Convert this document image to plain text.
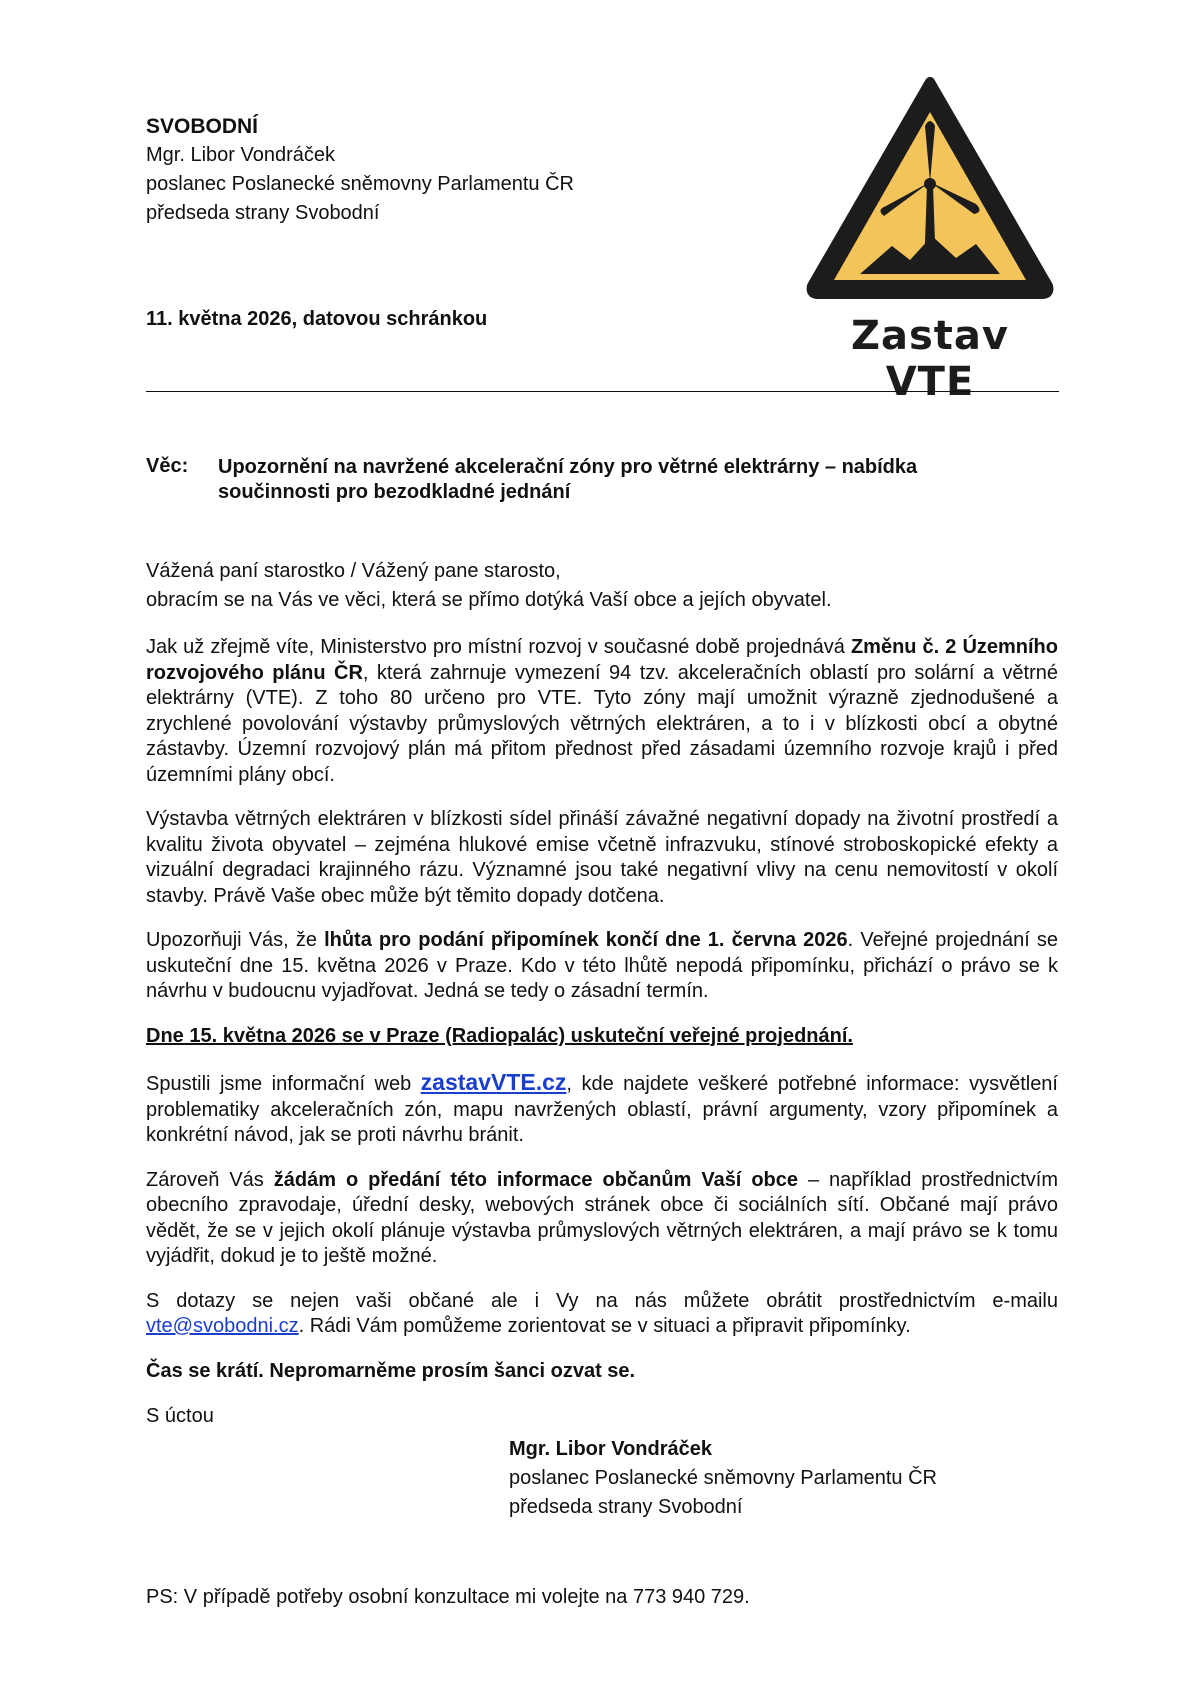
SVOBODNÍ
Mgr. Libor Vondráček
poslanec Poslanecké sněmovny Parlamentu ČR
předseda strany Svobodní
11. května 2026, datovou schránkou	Zastav VTE
Věc: Upozornění na navržené akcelerační zóny pro větrné elektrárny – nabídka součinnosti pro bezodkladné jednání

Vážená paní starostko / Vážený pane starosto,

obracím se na Vás ve věci, která se přímo dotýká Vaší obce a jejích obyvatel.

Jak už zřejmě víte, Ministerstvo pro místní rozvoj v současné době projednává Změnu č. 2 Územního rozvojového plánu ČR, která zahrnuje vymezení 94 tzv. akceleračních oblastí pro solární a větrné elektrárny (VTE). Z toho 80 určeno pro VTE. Tyto zóny mají umožnit výrazně zjednodušené a zrychlené povolování výstavby průmyslových větrných elektráren, a to i v blízkosti obcí a obytné zástavby. Územní rozvojový plán má přitom přednost před zásadami územního rozvoje krajů i před územními plány obcí.

Výstavba větrných elektráren v blízkosti sídel přináší závažné negativní dopady na životní prostředí a kvalitu života obyvatel – zejména hlukové emise včetně infrazvuku, stínové stroboskopické efekty a vizuální degradaci krajinného rázu. Významné jsou také negativní vlivy na cenu nemovitostí v okolí stavby. Právě Vaše obec může být těmito dopady dotčena.

Upozorňuji Vás, že lhůta pro podání připomínek končí dne 1. června 2026. Veřejné projednání se uskuteční dne 15. května 2026 v Praze. Kdo v této lhůtě nepodá připomínku, přichází o právo se k návrhu v budoucnu vyjadřovat. Jedná se tedy o zásadní termín.

Dne 15. května 2026 se v Praze (Radiopalác) uskuteční veřejné projednání.

Spustili jsme informační web zastavVTE.cz, kde najdete veškeré potřebné informace: vysvětlení problematiky akceleračních zón, mapu navržených oblastí, právní argumenty, vzory připomínek a konkrétní návod, jak se proti návrhu bránit.

Zároveň Vás žádám o předání této informace občanům Vaší obce – například prostřednictvím obecního zpravodaje, úřední desky, webových stránek obce či sociálních sítí. Občané mají právo vědět, že se v jejich okolí plánuje výstavba průmyslových větrných elektráren, a mají právo se k tomu vyjádřit, dokud je to ještě možné.

S dotazy se nejen vaši občané ale i Vy na nás můžete obrátit prostřednictvím e-mailu vte@svobodni.cz. Rádi Vám pomůžeme zorientovat se v situaci a připravit připomínky.

Čas se krátí. Nepromarněme prosím šanci ozvat se.

S úctou

Mgr. Libor Vondráček
poslanec Poslanecké sněmovny Parlamentu ČR
předseda strany Svobodní
PS: V případě potřeby osobní konzultace mi volejte na 773 940 729.
